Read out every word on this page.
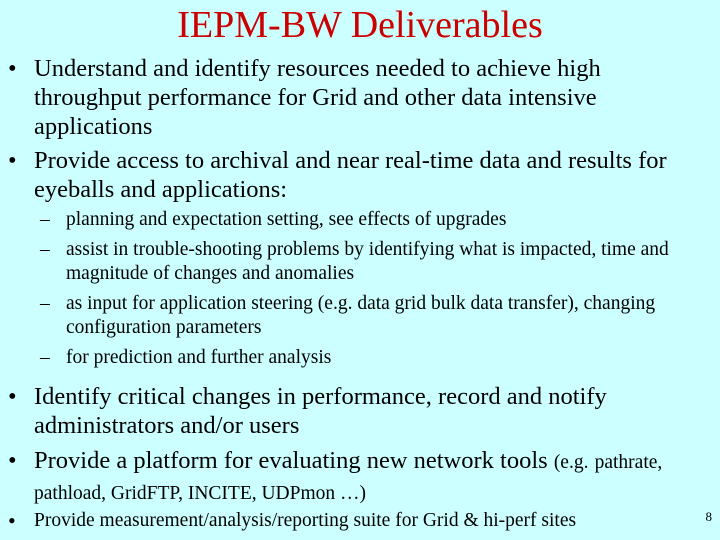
IEPM-BW Deliverables
• Understand and identify resources needed to achieve high throughput performance for Grid and other data intensive applications
• Provide access to archival and near real-time data and results for eyeballs and applications:
– planning and expectation setting, see effects of upgrades
– assist in trouble-shooting problems by identifying what is impacted, time and magnitude of changes and anomalies
– as input for application steering (e.g. data grid bulk data transfer), changing configuration parameters
– for prediction and further analysis
• Identify critical changes in performance, record and notify administrators and/or users
• Provide a platform for evaluating new network tools (e.g. pathrate, pathload, GridFTP, INCITE, UDPmon …)
• Provide measurement/analysis/reporting suite for Grid & hi-perf sites	8
